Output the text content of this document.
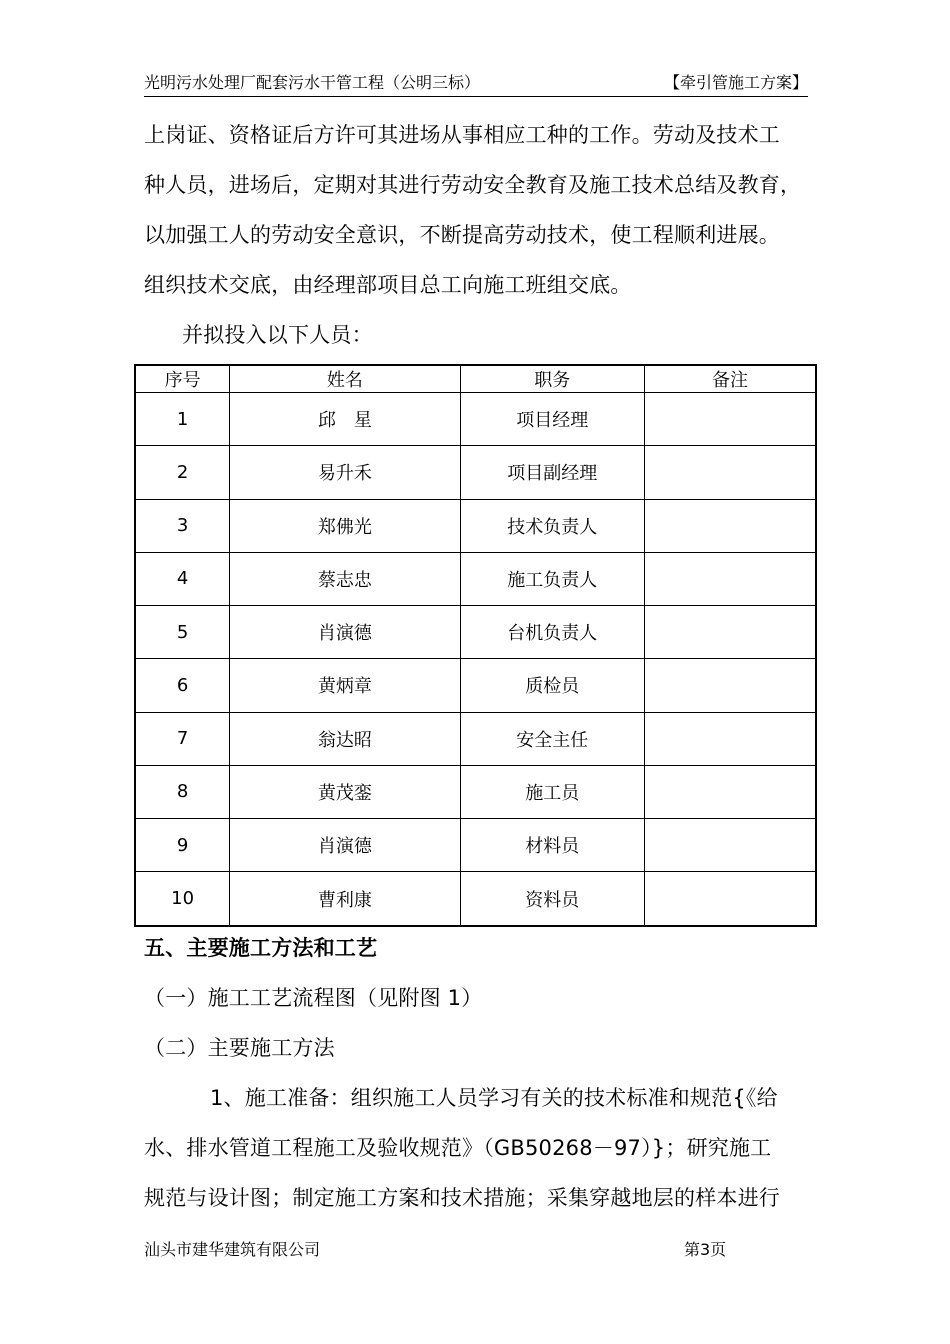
光明污水处理厂配套污水干管工程（公明三标）	【牵引管施工方案】
上岗证、资格证后方许可其进场从事相应工种的工作。劳动及技术工
种人员，进场后，定期对其进行劳动安全教育及施工技术总结及教育，
以加强工人的劳动安全意识，不断提高劳动技术，使工程顺利进展。
组织技术交底，由经理部项目总工向施工班组交底。
并拟投入以下人员：
序号	姓名	职务	备注
1	邱　星	项目经理	
2	易升禾	项目副经理	
3	郑佛光	技术负责人	
4	蔡志忠	施工负责人	
5	肖演德	台机负责人	
6	黄炳章	质检员	
7	翁达昭	安全主任	
8	黄茂銮	施工员	
9	肖演德	材料员	
10	曹利康	资料员	
五、主要施工方法和工艺
（一）施工工艺流程图（见附图 1）
（二）主要施工方法
1、施工准备：组织施工人员学习有关的技术标准和规范{《给
水、排水管道工程施工及验收规范》（GB50268－97）}；研究施工
规范与设计图；制定施工方案和技术措施；采集穿越地层的样本进行
汕头市建华建筑有限公司	第3页
